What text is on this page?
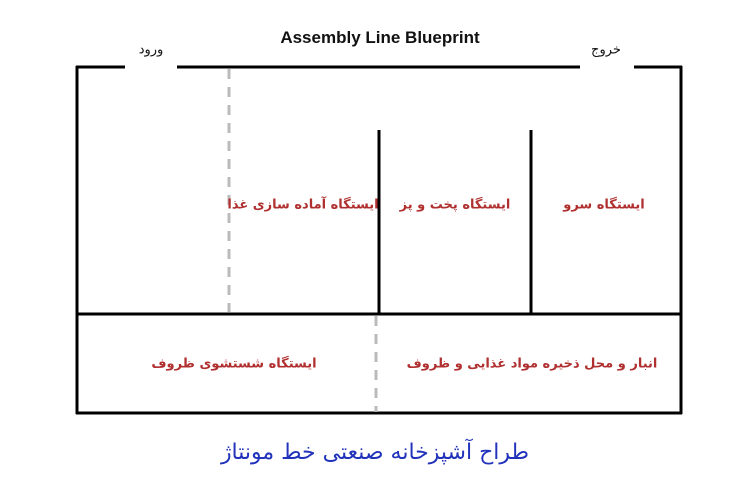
Assembly Line Blueprint
ورود	خروج
ایستگاه آماده سازی غذا ایستگاه پخت و پز	ایستگاه سرو
ایستگاه شستشوی ظروف	انبار و محل ذخیره مواد غذایی و ظروف
طراح آشپزخانه صنعتی خط مونتاژ
